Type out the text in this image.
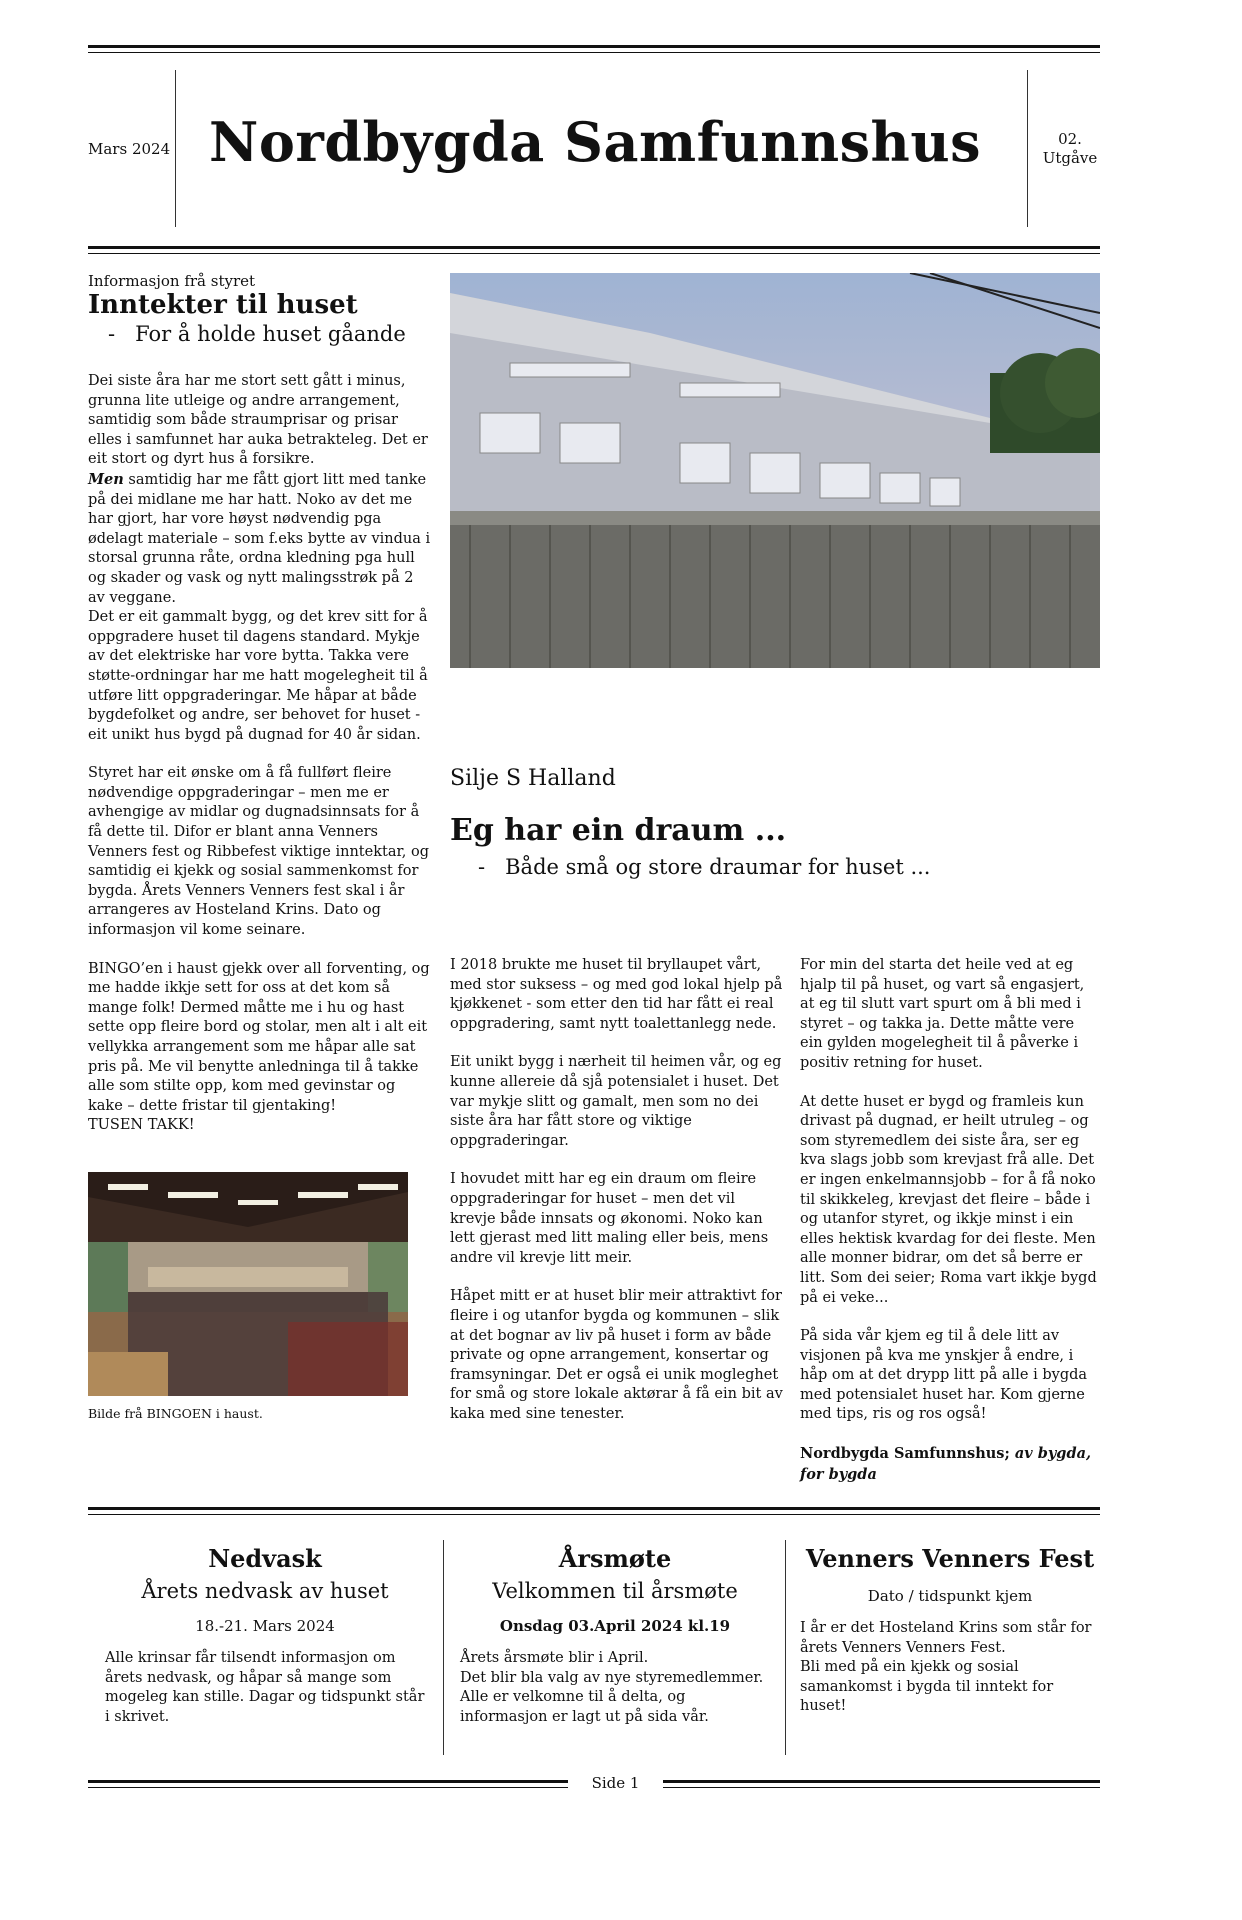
Mars 2024 Nordbygda Samfunnshus	02.
Utgåve
Informasjon frå styret
Inntekter til huset
-   For å holde huset gåande

Dei siste åra har me stort sett gått i minus, grunna lite utleige og andre arrangement, samtidig som både straumprisar og prisar elles i samfunnet har auka betrakteleg. Det er eit stort og dyrt hus å forsikre.

Men samtidig har me fått gjort litt med tanke på dei midlane me har hatt. Noko av det me har gjort, har vore høyst nødvendig pga ødelagt materiale – som f.eks bytte av vindua i storsal grunna råte, ordna kledning pga hull og skader og vask og nytt malingsstrøk på 2 av veggane.

Det er eit gammalt bygg, og det krev sitt for å oppgradere huset til dagens standard. Mykje av det elektriske har vore bytta. Takka vere støtte-ordningar har me hatt mogelegheit til å utføre litt oppgraderingar. Me håpar at både bygdefolket og andre, ser behovet for huset - eit unikt hus bygd på dugnad for 40 år sidan.

Styret har eit ønske om å få fullført fleire nødvendige oppgraderingar – men me er avhengige av midlar og dugnadsinnsats for å få dette til. Difor er blant anna Venners Venners fest og Ribbefest viktige inntektar, og samtidig ei kjekk og sosial sammenkomst for bygda. Årets Venners Venners fest skal i år arrangeres av Hosteland Krins. Dato og informasjon vil kome seinare.

BINGO’en i haust gjekk over all forventing, og me hadde ikkje sett for oss at det kom så mange folk! Dermed måtte me i hu og hast sette opp fleire bord og stolar, men alt i alt eit vellykka arrangement som me håpar alle sat pris på. Me vil benytte anledninga til å takke alle som stilte opp, kom med gevinstar og kake – dette fristar til gjentaking!

TUSEN TAKK!

Bilde frå BINGOEN i haust.
Silje S Halland
Eg har ein draum ...
-   Både små og store draumar for huset ...

I 2018 brukte me huset til bryllaupet vårt, med stor suksess – og med god lokal hjelp på kjøkkenet - som etter den tid har fått ei real oppgradering, samt nytt toalettanlegg nede.

Eit unikt bygg i nærheit til heimen vår, og eg kunne allereie då sjå potensialet i huset. Det var mykje slitt og gamalt, men som no dei siste åra har fått store og viktige oppgraderingar.

I hovudet mitt har eg ein draum om fleire oppgraderingar for huset – men det vil krevje både innsats og økonomi. Noko kan lett gjerast med litt maling eller beis, mens andre vil krevje litt meir.

Håpet mitt er at huset blir meir attraktivt for fleire i og utanfor bygda og kommunen – slik at det bognar av liv på huset i form av både private og opne arrangement, konsertar og framsyningar. Det er også ei unik mogleghet for små og store lokale aktørar å få ein bit av kaka med sine tenester.

For min del starta det heile ved at eg hjalp til på huset, og vart så engasjert, at eg til slutt vart spurt om å bli med i styret – og takka ja. Dette måtte vere ein gylden mogelegheit til å påverke i positiv retning for huset.

At dette huset er bygd og framleis kun drivast på dugnad, er heilt utruleg – og som styremedlem dei siste åra, ser eg kva slags jobb som krevjast frå alle. Det er ingen enkelmannsjobb – for å få noko til skikkeleg, krevjast det fleire – både i og utanfor styret, og ikkje minst i ein elles hektisk kvardag for dei fleste. Men alle monner bidrar, om det så berre er litt. Som dei seier; Roma vart ikkje bygd på ei veke...

På sida vår kjem eg til å dele litt av visjonen på kva me ynskjer å endre, i håp om at det drypp litt på alle i bygda med potensialet huset har. Kom gjerne med tips, ris og ros også!

Nordbygda Samfunnshus; av bygda, for bygda

Nedvask
Årets nedvask av huset
18.-21. Mars 2024
Alle krinsar får tilsendt informasjon om årets nedvask, og håpar så mange som mogeleg kan stille. Dagar og tidspunkt står i skrivet.
Årsmøte
Velkommen til årsmøte
Onsdag 03.April 2024 kl.19
Årets årsmøte blir i April.
Det blir bla valg av nye styremedlemmer.
Alle er velkomne til å delta, og informasjon er lagt ut på sida vår.
Venners Venners Fest
Dato / tidspunkt kjem
I år er det Hosteland Krins som står for årets Venners Venners Fest.
Bli med på ein kjekk og sosial samankomst i bygda til inntekt for huset!
Side 1
